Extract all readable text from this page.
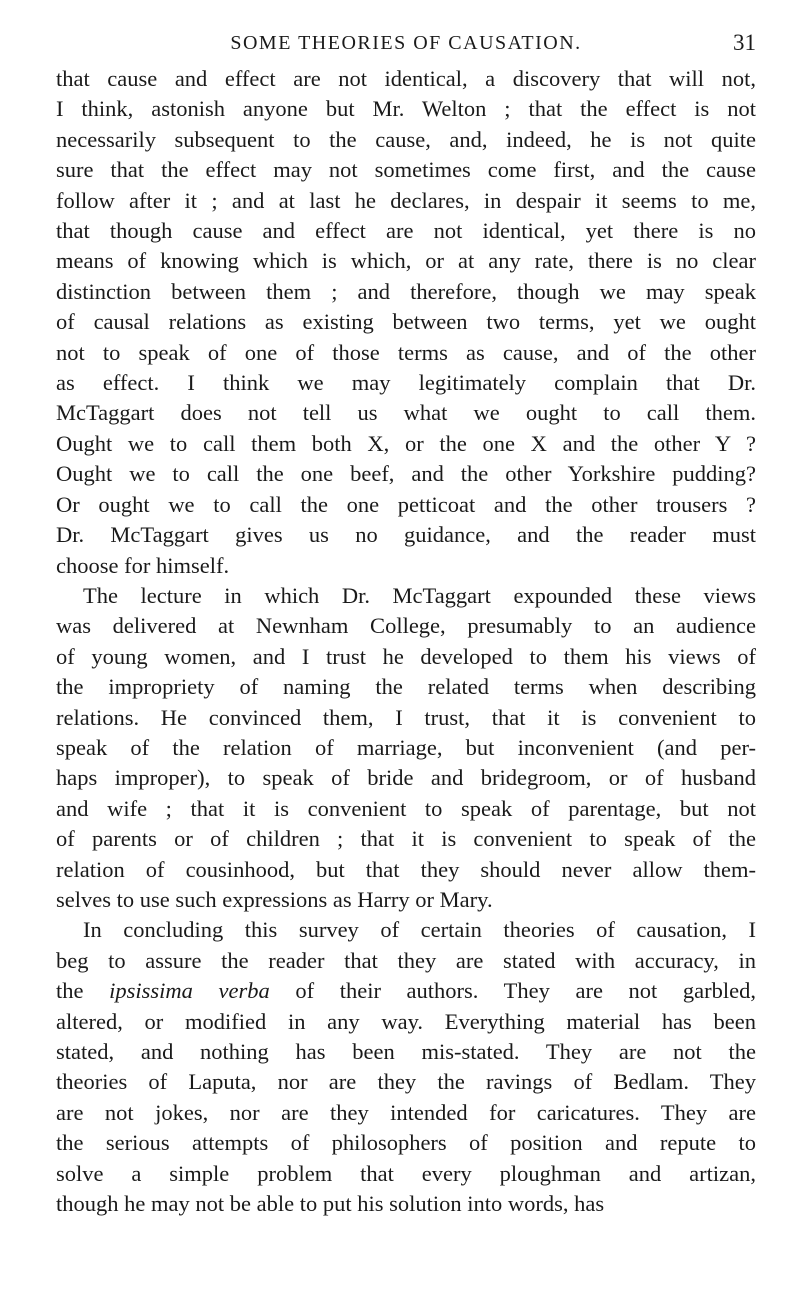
SOME THEORIES OF CAUSATION.	31
that cause and effect are not identical, a discovery that will not,
I think, astonish anyone but Mr. Welton ; that the effect is not
necessarily subsequent to the cause, and, indeed, he is not quite
sure that the effect may not sometimes come first, and the cause
follow after it ; and at last he declares, in despair it seems to me,
that though cause and effect are not identical, yet there is no
means of knowing which is which, or at any rate, there is no clear
distinction between them ; and therefore, though we may speak
of causal relations as existing between two terms, yet we ought
not to speak of one of those terms as cause, and of the other
as effect. I think we may legitimately complain that Dr.
McTaggart does not tell us what we ought to call them.
Ought we to call them both X, or the one X and the other Y ?
Ought we to call the one beef, and the other Yorkshire pudding?
Or ought we to call the one petticoat and the other trousers ?
Dr. McTaggart gives us no guidance, and the reader must
choose for himself.
The lecture in which Dr. McTaggart expounded these views
was delivered at Newnham College, presumably to an audience
of young women, and I trust he developed to them his views of
the impropriety of naming the related terms when describing
relations. He convinced them, I trust, that it is convenient to
speak of the relation of marriage, but inconvenient (and per-
haps improper), to speak of bride and bridegroom, or of husband
and wife ; that it is convenient to speak of parentage, but not
of parents or of children ; that it is convenient to speak of the
relation of cousinhood, but that they should never allow them-
selves to use such expressions as Harry or Mary.
In concluding this survey of certain theories of causation, I
beg to assure the reader that they are stated with accuracy, in
the ipsissima verba of their authors. They are not garbled,
altered, or modified in any way. Everything material has been
stated, and nothing has been mis-stated. They are not the
theories of Laputa, nor are they the ravings of Bedlam. They
are not jokes, nor are they intended for caricatures. They are
the serious attempts of philosophers of position and repute to
solve a simple problem that every ploughman and artizan,
though he may not be able to put his solution into words, has
